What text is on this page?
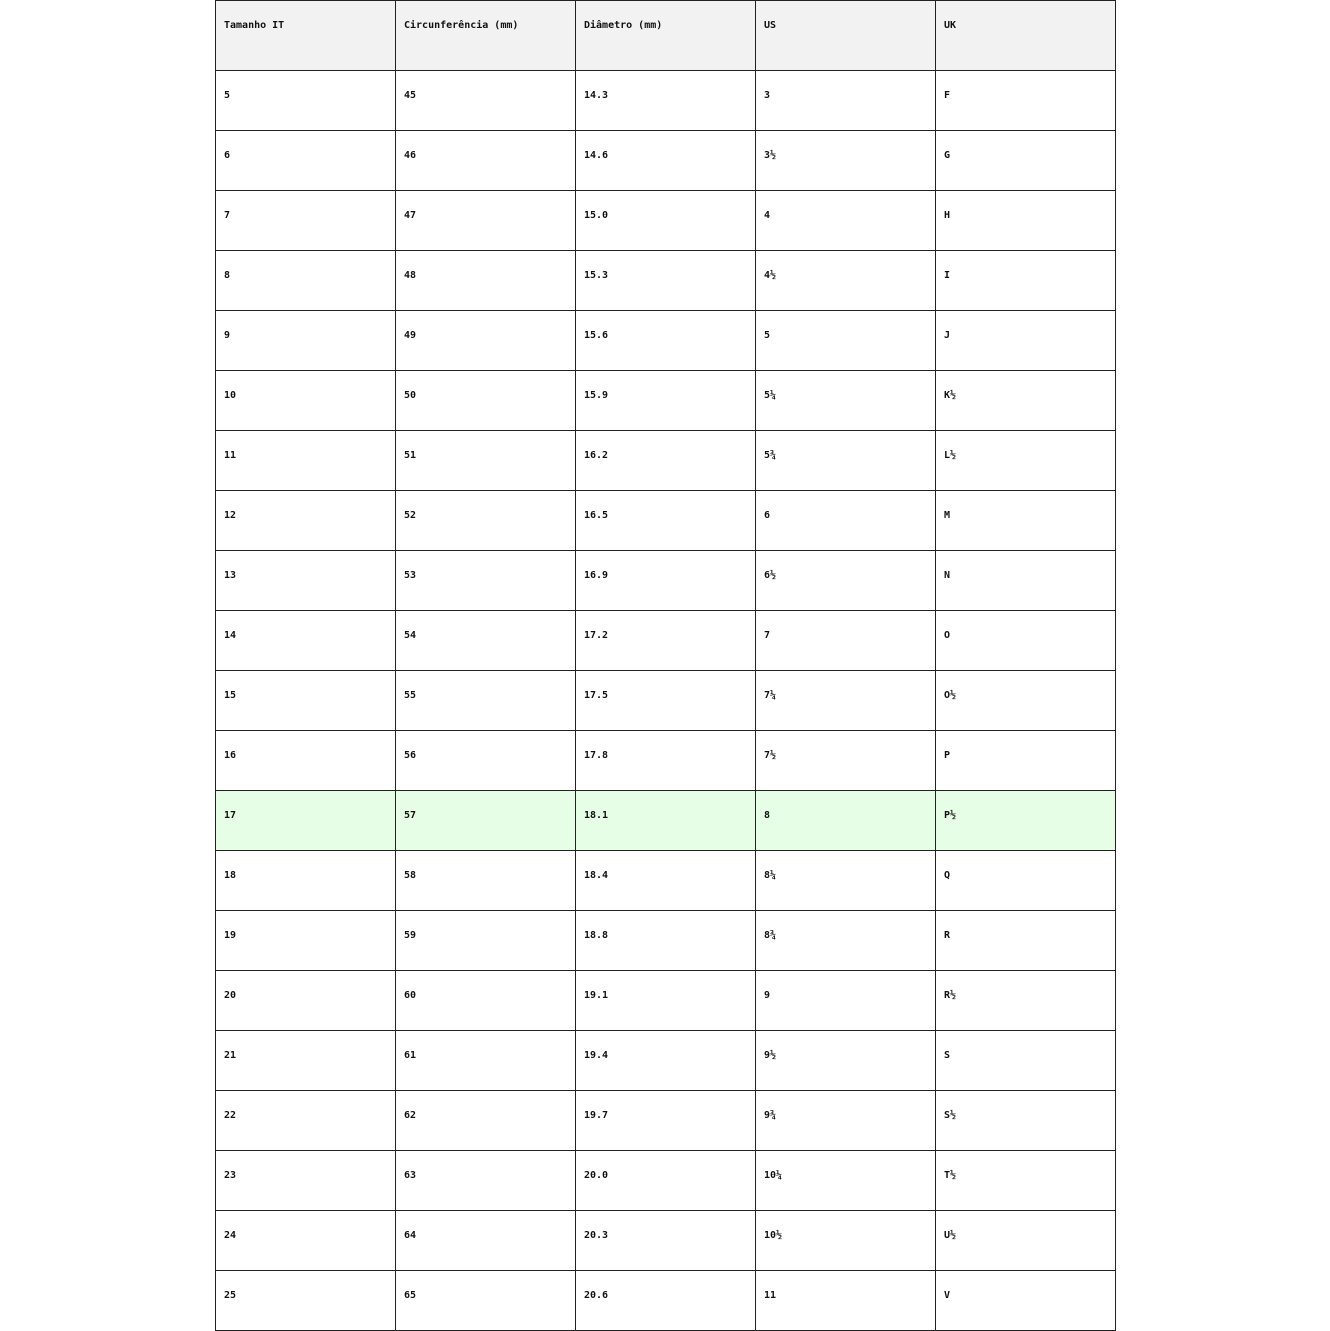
Tamanho IT	Circunferência (mm)	Diâmetro (mm)	US	UK
5	45	14.3	3	F
6	46	14.6	3½	G
7	47	15.0	4	H
8	48	15.3	4½	I
9	49	15.6	5	J
10	50	15.9	5¼	K½
11	51	16.2	5¾	L½
12	52	16.5	6	M
13	53	16.9	6½	N
14	54	17.2	7	O
15	55	17.5	7¼	O½
16	56	17.8	7½	P
17	57	18.1	8	P½
18	58	18.4	8¼	Q
19	59	18.8	8¾	R
20	60	19.1	9	R½
21	61	19.4	9½	S
22	62	19.7	9¾	S½
23	63	20.0	10¼	T½
24	64	20.3	10½	U½
25	65	20.6	11	V
